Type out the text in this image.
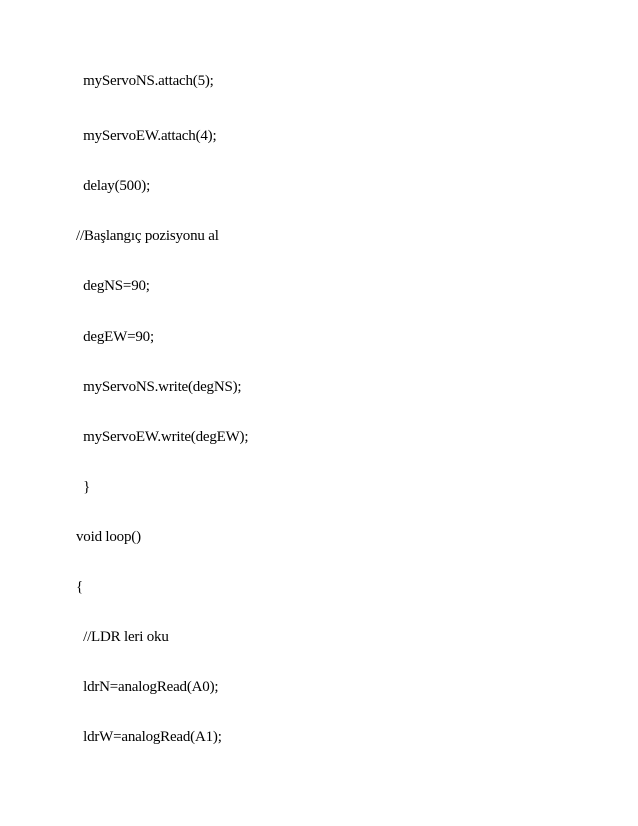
myServoNS.attach(5);
myServoEW.attach(4);
delay(500);
//Başlangıç pozisyonu al
degNS=90;
degEW=90;
myServoNS.write(degNS);
myServoEW.write(degEW);
}
void loop()
{
//LDR leri oku
ldrN=analogRead(A0);
ldrW=analogRead(A1);
